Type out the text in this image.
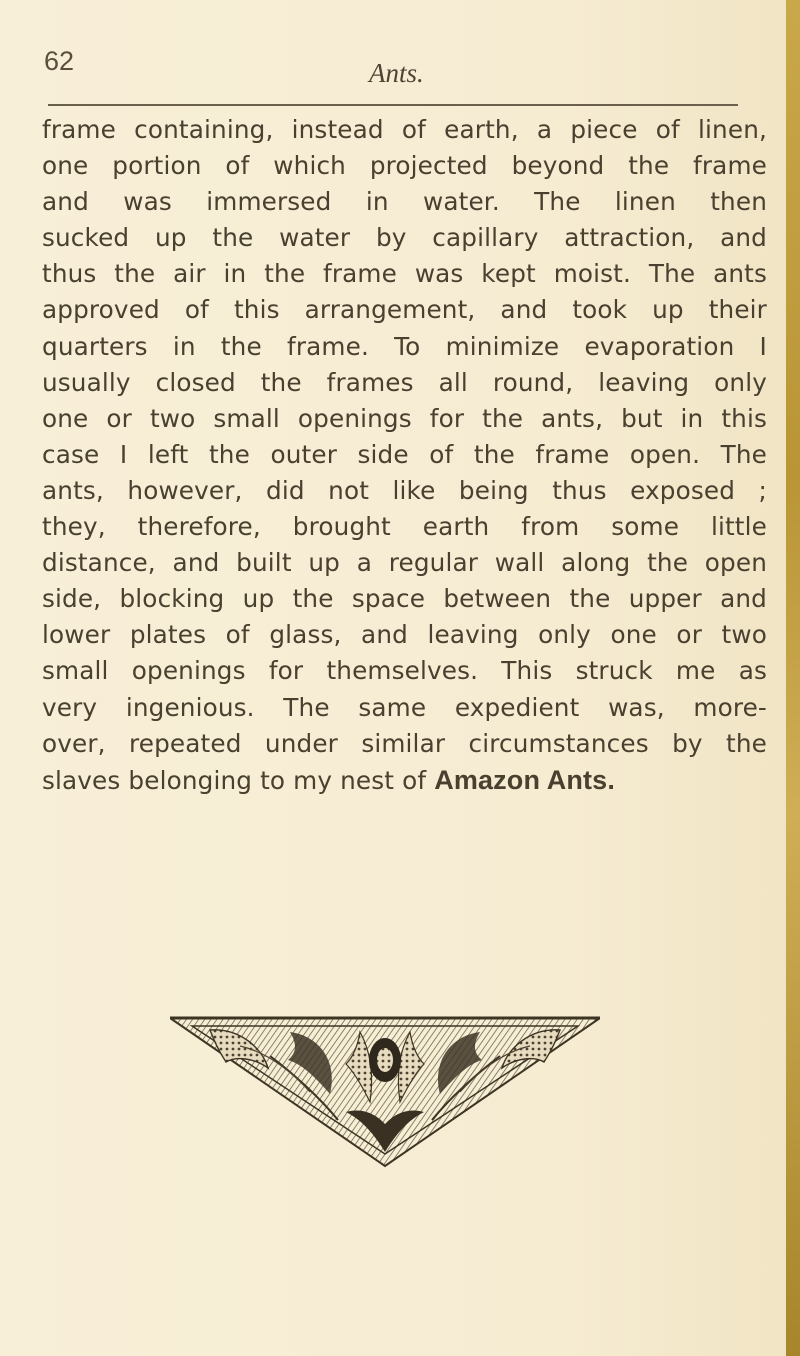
62	Ants.
frame containing, instead of earth, a piece of linen,
one portion of which projected beyond the frame
and was immersed in water. The linen then
sucked up the water by capillary attraction, and
thus the air in the frame was kept moist. The ants
approved of this arrangement, and took up their
quarters in the frame. To minimize evaporation I
usually closed the frames all round, leaving only
one or two small openings for the ants, but in this
case I left the outer side of the frame open. The
ants, however, did not like being thus exposed ;
they, therefore, brought earth from some little
distance, and built up a regular wall along the open
side, blocking up the space between the upper and
lower plates of glass, and leaving only one or two
small openings for themselves. This struck me as
very ingenious. The same expedient was, more-
over, repeated under similar circumstances by the
slaves belonging to my nest of Amazon Ants.
